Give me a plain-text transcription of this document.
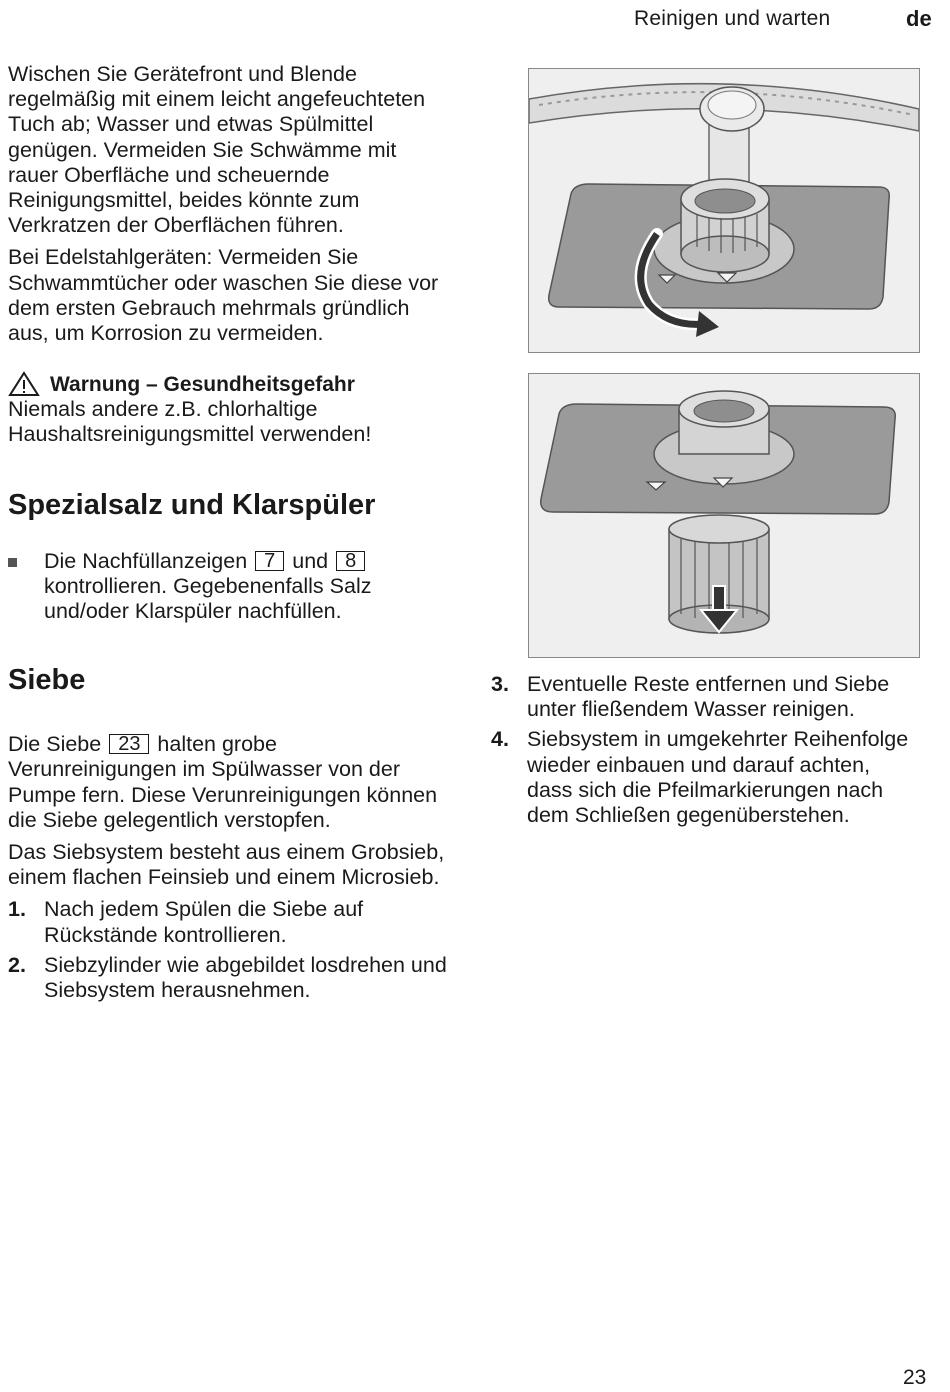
Reinigen und warten	de

Wischen Sie Gerätefront und Blende regelmäßig mit einem leicht angefeuchteten Tuch ab; Wasser und etwas Spülmittel genügen. Vermeiden Sie Schwämme mit rauer Oberfläche und scheuernde Reinigungsmittel, beides könnte zum Verkratzen der Oberflächen führen.

Bei Edelstahlgeräten: Vermeiden Sie Schwammtücher oder waschen Sie diese vor dem ersten Gebrauch mehrmals gründlich aus, um Korrosion zu vermeiden.

Warnung – Gesundheitsgefahr

Niemals andere z.B. chlorhaltige Haushaltsreinigungsmittel verwenden!

Spezialsalz und Klarspüler

Die Nachfüllanzeigen 7 und 8 kontrollieren. Gegebenenfalls Salz und/oder Klarspüler nachfüllen.

Siebe

Die Siebe 23 halten grobe Verunreinigungen im Spülwasser von der Pumpe fern. Diese Verunreinigungen können die Siebe gelegentlich verstopfen.

Das Siebsystem besteht aus einem Grobsieb, einem flachen Feinsieb und einem Microsieb.

1. Nach jedem Spülen die Siebe auf Rückstände kontrollieren.

2. Siebzylinder wie abgebildet losdrehen und Siebsystem herausnehmen.

3. Eventuelle Reste entfernen und Siebe unter fließendem Wasser reinigen.

4. Siebsystem in umgekehrter Reihenfolge wieder einbauen und darauf achten, dass sich die Pfeilmarkierungen nach dem Schließen gegenüberstehen.

23
